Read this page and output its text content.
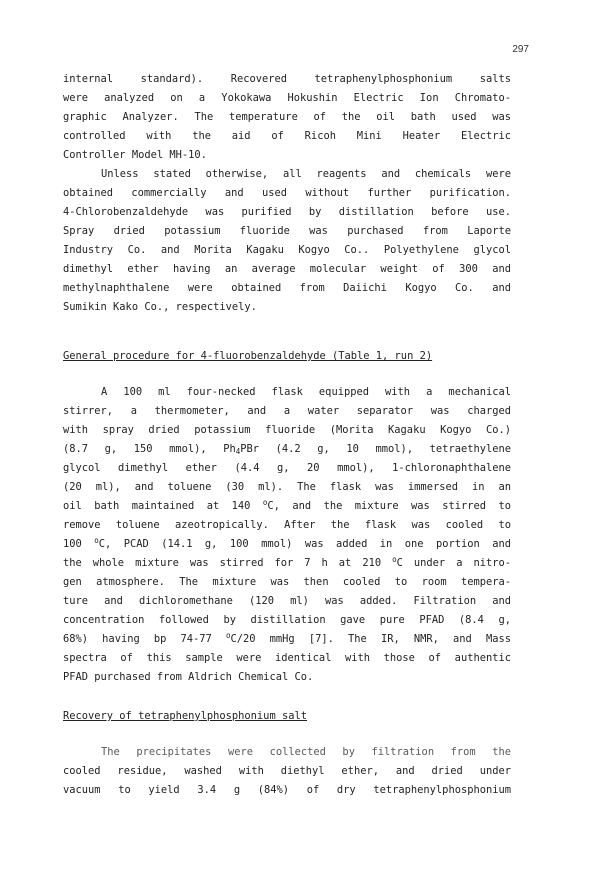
297
internal standard). Recovered tetraphenylphosphonium salts
were analyzed on a Yokokawa Hokushin Electric Ion Chromato-
graphic Analyzer. The temperature of the oil bath used was
controlled with the aid of Ricoh Mini Heater Electric
Controller Model MH-10.
Unless stated otherwise, all reagents and chemicals were
obtained commercially and used without further purification.
4-Chlorobenzaldehyde was purified by distillation before use.
Spray dried potassium fluoride was purchased from Laporte
Industry Co. and Morita Kagaku Kogyo Co.. Polyethylene glycol
dimethyl ether having an average molecular weight of 300 and
methylnaphthalene were obtained from Daiichi Kogyo Co. and
Sumikin Kako Co., respectively.
General procedure for 4-fluorobenzaldehyde (Table 1, run 2)
A 100 ml four-necked flask equipped with a mechanical
stirrer, a thermometer, and a water separator was charged
with spray dried potassium fluoride (Morita Kagaku Kogyo Co.)
(8.7 g, 150 mmol), $Ph_4PBr$ (4.2 g, 10 mmol), tetraethylene
glycol dimethyl ether (4.4 g, 20 mmol), 1-chloronaphthalene
(20 ml), and toluene (30 ml). The flask was immersed in an
oil bath maintained at 140 $^o$C, and the mixture was stirred to
remove toluene azeotropically. After the flask was cooled to
100 $^o$C, PCAD (14.1 g, 100 mmol) was added in one portion and
the whole mixture was stirred for 7 h at 210 $^o$C under a nitro-
gen atmosphere. The mixture was then cooled to room tempera-
ture and dichloromethane (120 ml) was added. Filtration and
concentration followed by distillation gave pure PFAD (8.4 g,
68%) having bp 74-77 $^o$C/20 mmHg [7]. The IR, NMR, and Mass
spectra of this sample were identical with those of authentic
PFAD purchased from Aldrich Chemical Co.
Recovery of tetraphenylphosphonium salt
The precipitates were collected by filtration from the
cooled residue, washed with diethyl ether, and dried under
vacuum to yield 3.4 g (84%) of dry tetraphenylphosphonium
